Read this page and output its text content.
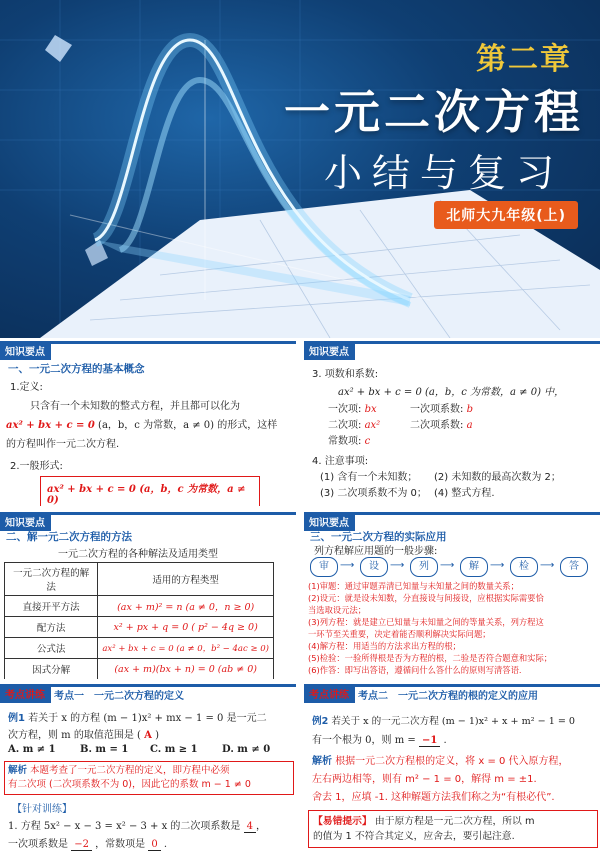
第二章
一元二次方程
小结与复习
北师大九年级(上)
知识要点
一、一元二次方程的基本概念
1.定义:
只含有一个未知数的整式方程，并且都可以化为
ax² + bx + c = 0 (a，b，c 为常数，a ≠ 0) 的形式，这样
的方程叫作一元二次方程.
2.一般形式:
ax² + bx + c = 0 (a，b，c 为常数，a ≠ 0)
知识要点
3. 项数和系数:
ax² + bx + c = 0 (a，b，c 为常数，a ≠ 0) 中，
一次项: bx	一次项系数: b
二次项: ax²	二次项系数: a
常数项: c
4. 注意事项:
(1) 含有一个未知数； (2) 未知数的最高次数为 2；
(3) 二次项系数不为 0； (4) 整式方程.
知识要点
二、解一元二次方程的方法
一元二次方程的各种解法及适用类型
一元二次方程的解法	适用的方程类型
直接开平方法	(ax + m)² = n (a ≠ 0，n ≥ 0)
配方法	x² + px + q = 0 ( p² − 4q ≥ 0)
公式法	ax² + bx + c = 0 (a ≠ 0，b² − 4ac ≥ 0)
因式分解	(ax + m)(bx + n) = 0 (ab ≠ 0)
知识要点
三、一元二次方程的实际应用
列方程解应用题的一般步骤:
审	⟶	设	⟶	列	⟶	解	⟶	检	⟶	答
(1)审题：通过审题弄清已知量与未知量之间的数量关系；
(2)设元：就是设未知数，分直接设与间接设，应根据实际需要恰
当选取设元法；
(3)列方程：就是建立已知量与未知量之间的等量关系，列方程这
一环节至关重要，决定着能否顺利解决实际问题；
(4)解方程：用适当的方法求出方程的根；
(5)检验：一验所得根是否为方程的根，二验是否符合题意和实际；
(6)作答：即写出答语，遵循问什么答什么的原则写清答语.
考点讲练 考点一　一元二次方程的定义
例1 若关于 x 的方程 (m − 1)x² + mx − 1 = 0 是一元二
次方程，则 m 的取值范围是 ( A )
A. m ≠ 1 B. m = 1 C. m ≥ 1 D. m ≠ 0
解析 本题考查了一元二次方程的定义，即方程中必须
有二次项 (二次项系数不为 0)，因此它的系数 m − 1 ≠ 0
【针对训练】
1. 方程 5x² − x − 3 = x² − 3 + x 的二次项系数是 4 ，
一次项系数是 −2 ，常数项是 0 .
考点讲练 考点二　一元二次方程的根的定义的应用
例2 若关于 x 的一元二次方程 (m − 1)x² + x + m² − 1 = 0
有一个根为 0，则 m = −1 .
解析 根据一元二次方程根的定义，将 x = 0 代入原方程，
左右两边相等，则有 m² − 1 = 0，解得 m = ±1.
舍去 1，应填 -1. 这种解题方法我们称之为“有根必代”.
【易错提示】 由于原方程是一元二次方程，所以 m
的值为 1 不符合其定义，应舍去，要引起注意.
